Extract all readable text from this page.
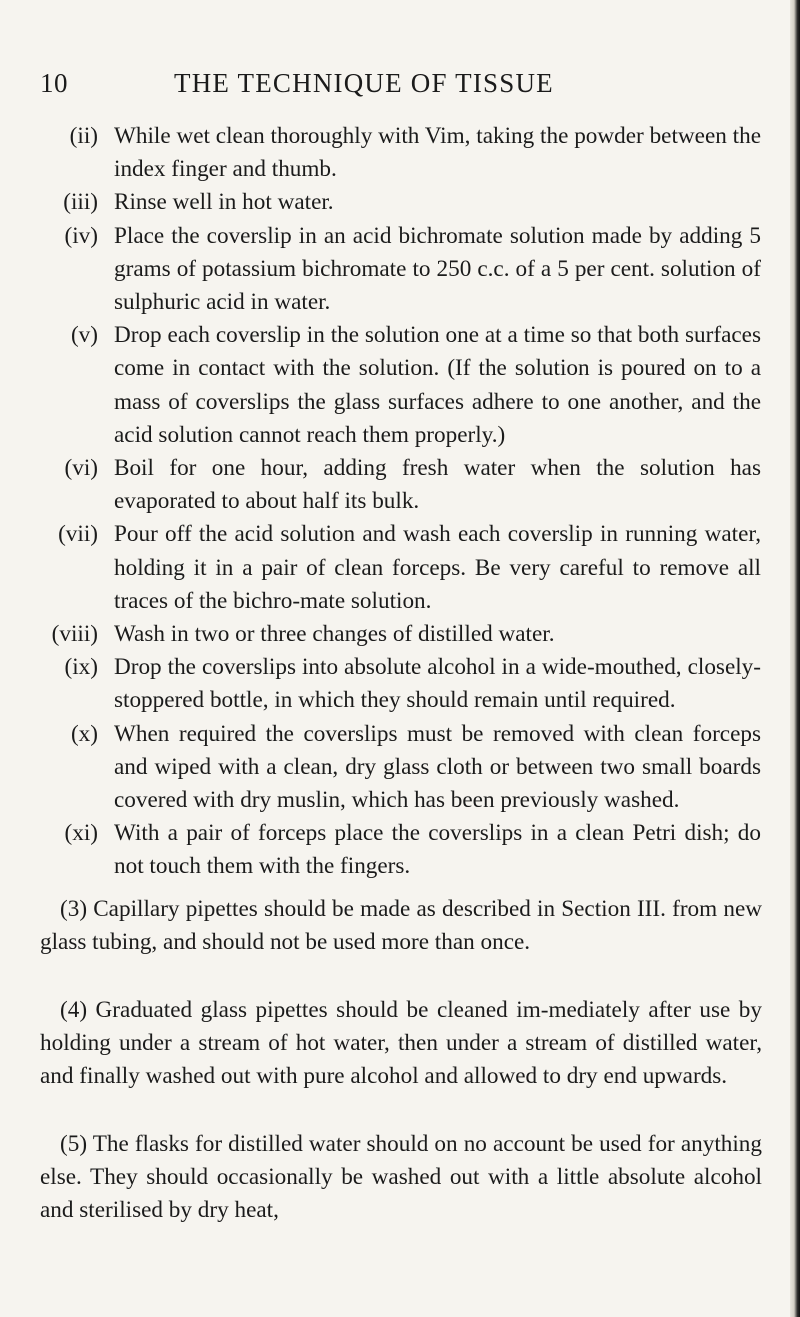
10	THE TECHNIQUE OF TISSUE
(ii) While wet clean thoroughly with Vim, taking the powder between the index finger and thumb.
(iii) Rinse well in hot water.
(iv) Place the coverslip in an acid bichromate solution made by adding 5 grams of potassium bichromate to 250 c.c. of a 5 per cent. solution of sulphuric acid in water.
(v) Drop each coverslip in the solution one at a time so that both surfaces come in contact with the solution. (If the solution is poured on to a mass of coverslips the glass surfaces adhere to one another, and the acid solution cannot reach them properly.)
(vi) Boil for one hour, adding fresh water when the solution has evaporated to about half its bulk.
(vii) Pour off the acid solution and wash each coverslip in running water, holding it in a pair of clean forceps. Be very careful to remove all traces of the bichro-mate solution.
(viii) Wash in two or three changes of distilled water.
(ix) Drop the coverslips into absolute alcohol in a wide-mouthed, closely-stoppered bottle, in which they should remain until required.
(x) When required the coverslips must be removed with clean forceps and wiped with a clean, dry glass cloth or between two small boards covered with dry muslin, which has been previously washed.
(xi) With a pair of forceps place the coverslips in a clean Petri dish; do not touch them with the fingers.

(3) Capillary pipettes should be made as described in Section III. from new glass tubing, and should not be used more than once.

(4) Graduated glass pipettes should be cleaned im-mediately after use by holding under a stream of hot water, then under a stream of distilled water, and finally washed out with pure alcohol and allowed to dry end upwards.

(5) The flasks for distilled water should on no account be used for anything else. They should occasionally be washed out with a little absolute alcohol and sterilised by dry heat,
